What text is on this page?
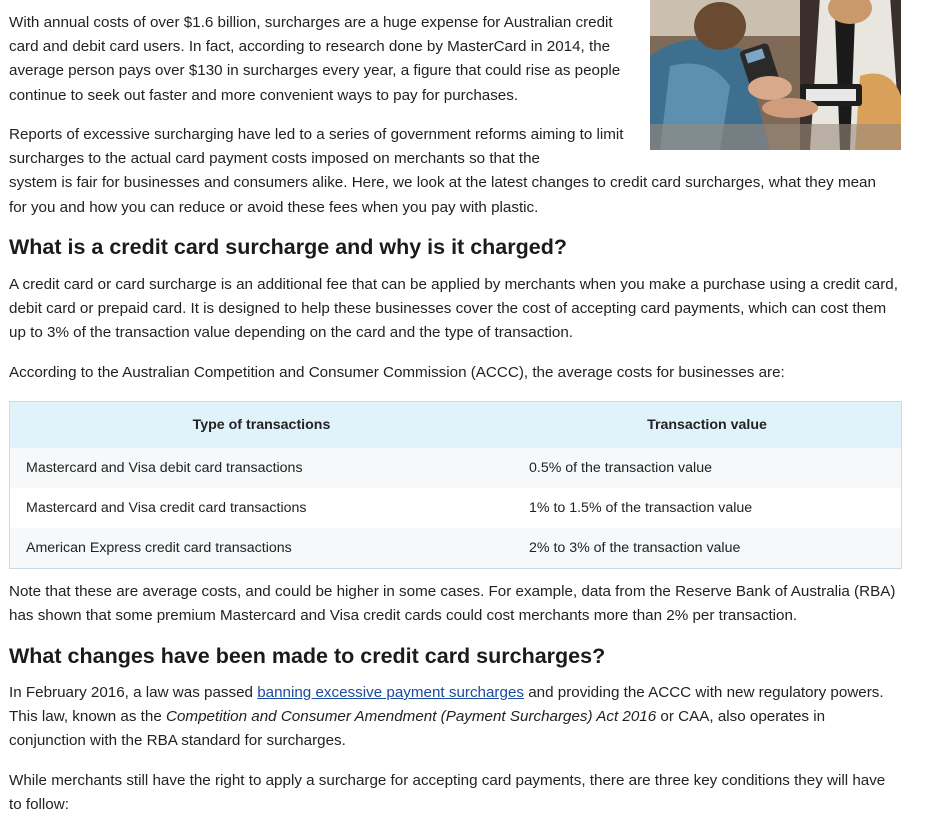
With annual costs of over $1.6 billion, surcharges are a huge expense for Australian credit card and debit card users. In fact, according to research done by MasterCard in 2014, the average person pays over $130 in surcharges every year, a figure that could rise as people continue to seek out faster and more convenient ways to pay for purchases.

Reports of excessive surcharging have led to a series of government reforms aiming to limit surcharges to the actual card payment costs imposed on merchants so that the
system is fair for businesses and consumers alike. Here, we look at the latest changes to credit card surcharges, what they mean for you and how you can reduce or avoid these fees when you pay with plastic.

What is a credit card surcharge and why is it charged?

A credit card or card surcharge is an additional fee that can be applied by merchants when you make a purchase using a credit card, debit card or prepaid card. It is designed to help these businesses cover the cost of accepting card payments, which can cost them up to 3% of the transaction value depending on the card and the type of transaction.

According to the Australian Competition and Consumer Commission (ACCC), the average costs for businesses are:

Type of transactions	Transaction value
Mastercard and Visa debit card transactions	0.5% of the transaction value
Mastercard and Visa credit card transactions	1% to 1.5% of the transaction value
American Express credit card transactions	2% to 3% of the transaction value

Note that these are average costs, and could be higher in some cases. For example, data from the Reserve Bank of Australia (RBA) has shown that some premium Mastercard and Visa credit cards could cost merchants more than 2% per transaction.

What changes have been made to credit card surcharges?

In February 2016, a law was passed banning excessive payment surcharges and providing the ACCC with new regulatory powers. This law, known as the Competition and Consumer Amendment (Payment Surcharges) Act 2016 or CAA, also operates in conjunction with the RBA standard for surcharges.

While merchants still have the right to apply a surcharge for accepting card payments, there are three key conditions they will have to follow:
